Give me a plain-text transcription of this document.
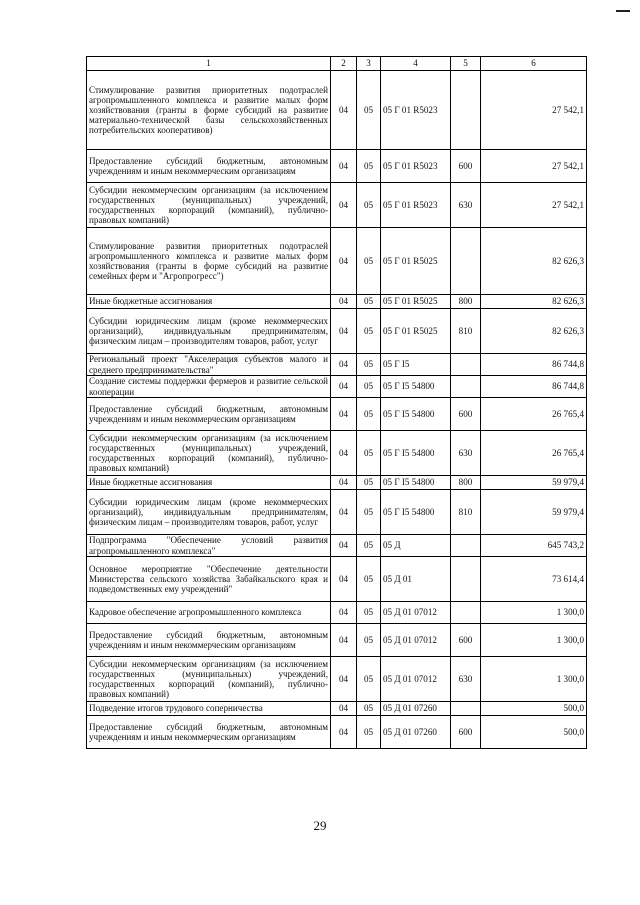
1	2	3	4	5	6
Стимулирование развития приоритетных подотраслей агропромышленного комплекса и развитие малых форм хозяйствования (гранты в форме субсидий на развитие материально-технической базы сельскохозяйственных потребительских кооперативов)	04	05	05 Г 01 R5023		27 542,1
Предоставление субсидий бюджетным, автономным учреждениям и иным некоммерческим организациям	04	05	05 Г 01 R5023	600	27 542,1
Субсидии некоммерческим организациям (за исключением государственных (муниципальных) учреждений, государственных корпораций (компаний), публично-правовых компаний)	04	05	05 Г 01 R5023	630	27 542,1
Стимулирование развития приоритетных подотраслей агропромышленного комплекса и развитие малых форм хозяйствования (гранты в форме субсидий на развитие семейных ферм и "Агропрогресс")	04	05	05 Г 01 R5025		82 626,3
Иные бюджетные ассигнования	04	05	05 Г 01 R5025	800	82 626,3
Субсидии юридическим лицам (кроме некоммерческих организаций), индивидуальным предпринимателям, физическим лицам – производителям товаров, работ, услуг	04	05	05 Г 01 R5025	810	82 626,3
Региональный проект "Акселерация субъектов малого и среднего предпринимательства"	04	05	05 Г I5		86 744,8
Создание системы поддержки фермеров и развитие сельской кооперации	04	05	05 Г I5 54800		86 744,8
Предоставление субсидий бюджетным, автономным учреждениям и иным некоммерческим организациям	04	05	05 Г I5 54800	600	26 765,4
Субсидии некоммерческим организациям (за исключением государственных (муниципальных) учреждений, государственных корпораций (компаний), публично-правовых компаний)	04	05	05 Г I5 54800	630	26 765,4
Иные бюджетные ассигнования	04	05	05 Г I5 54800	800	59 979,4
Субсидии юридическим лицам (кроме некоммерческих организаций), индивидуальным предпринимателям, физическим лицам – производителям товаров, работ, услуг	04	05	05 Г I5 54800	810	59 979,4
Подпрограмма "Обеспечение условий развития агропромышленного комплекса"	04	05	05 Д		645 743,2
Основное мероприятие "Обеспечение деятельности Министерства сельского хозяйства Забайкальского края и подведомственных ему учреждений"	04	05	05 Д 01		73 614,4
Кадровое обеспечение агропромышленного комплекса	04	05	05 Д 01 07012		1 300,0
Предоставление субсидий бюджетным, автономным учреждениям и иным некоммерческим организациям	04	05	05 Д 01 07012	600	1 300,0
Субсидии некоммерческим организациям (за исключением государственных (муниципальных) учреждений, государственных корпораций (компаний), публично-правовых компаний)	04	05	05 Д 01 07012	630	1 300,0
Подведение итогов трудового соперничества	04	05	05 Д 01 07260		500,0
Предоставление субсидий бюджетным, автономным учреждениям и иным некоммерческим организациям	04	05	05 Д 01 07260	600	500,0
29
